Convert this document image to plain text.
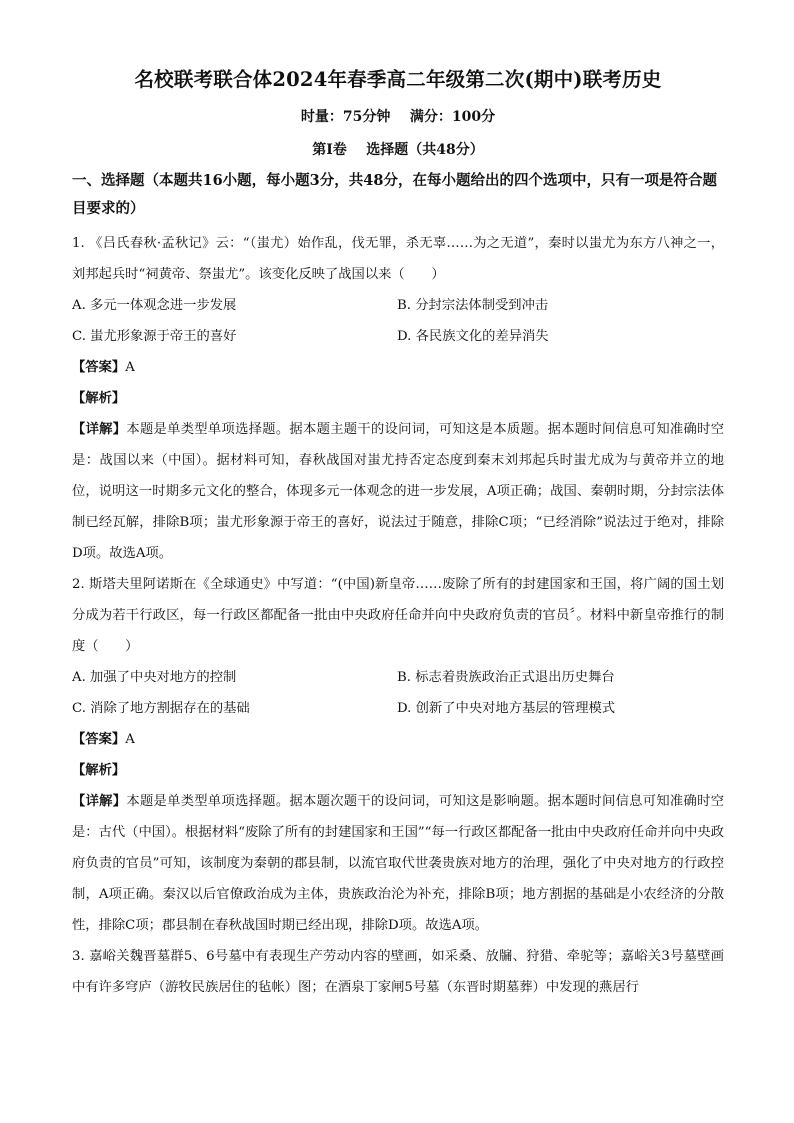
名校联考联合体2024年春季高二年级第二次(期中)联考历史
时量：75分钟    满分：100分
第Ⅰ卷    选择题（共48分）
一、选择题（本题共16小题，每小题3分，共48分，在每小题给出的四个选项中，只有一项是符合题目要求的）

1. 《吕氏春秋·孟秋记》云：“（蚩尤）始作乱，伐无罪，杀无辜……为之无道”，秦时以蚩尤为东方八神之一，刘邦起兵时“祠黄帝、祭蚩尤”。该变化反映了战国以来（　　）

A. 多元一体观念进一步发展	B. 分封宗法体制受到冲击
C. 蚩尤形象源于帝王的喜好	D. 各民族文化的差异消失

【答案】A

【解析】

【详解】本题是单类型单项选择题。据本题主题干的设问词，可知这是本质题。据本题时间信息可知准确时空是：战国以来（中国）。据材料可知，春秋战国对蚩尤持否定态度到秦末刘邦起兵时蚩尤成为与黄帝并立的地位，说明这一时期多元文化的整合，体现多元一体观念的进一步发展，A项正确；战国、秦朝时期，分封宗法体制已经瓦解，排除B项；蚩尤形象源于帝王的喜好，说法过于随意，排除C项；“已经消除”说法过于绝对，排除D项。故选A项。

2. 斯塔夫里阿诺斯在《全球通史》中写道：“(中国)新皇帝……废除了所有的封建国家和王国，将广阔的国土划分成为若干行政区，每一行政区都配备一批由中央政府任命并向中央政府负责的官员〞。材料中新皇帝推行的制度（　　）

A. 加强了中央对地方的控制	B. 标志着贵族政治正式退出历史舞台
C. 消除了地方割据存在的基础	D. 创新了中央对地方基层的管理模式

【答案】A

【解析】

【详解】本题是单类型单项选择题。据本题次题干的设问词，可知这是影响题。据本题时间信息可知准确时空是：古代（中国）。根据材料“废除了所有的封建国家和王国”“每一行政区都配备一批由中央政府任命并向中央政府负责的官员”可知，该制度为秦朝的郡县制，以流官取代世袭贵族对地方的治理，强化了中央对地方的行政控制，A项正确。秦汉以后官僚政治成为主体，贵族政治沦为补充，排除B项；地方割据的基础是小农经济的分散性，排除C项；郡县制在春秋战国时期已经出现，排除D项。故选A项。

3. 嘉峪关魏晋墓群5、6号墓中有表现生产劳动内容的壁画，如采桑、放牖、狩猎、牵驼等；嘉峪关3号墓壁画中有许多穹庐（游牧民族居住的毡帐）图；在酒泉丁家闸5号墓（东晋时期墓葬）中发现的燕居行
